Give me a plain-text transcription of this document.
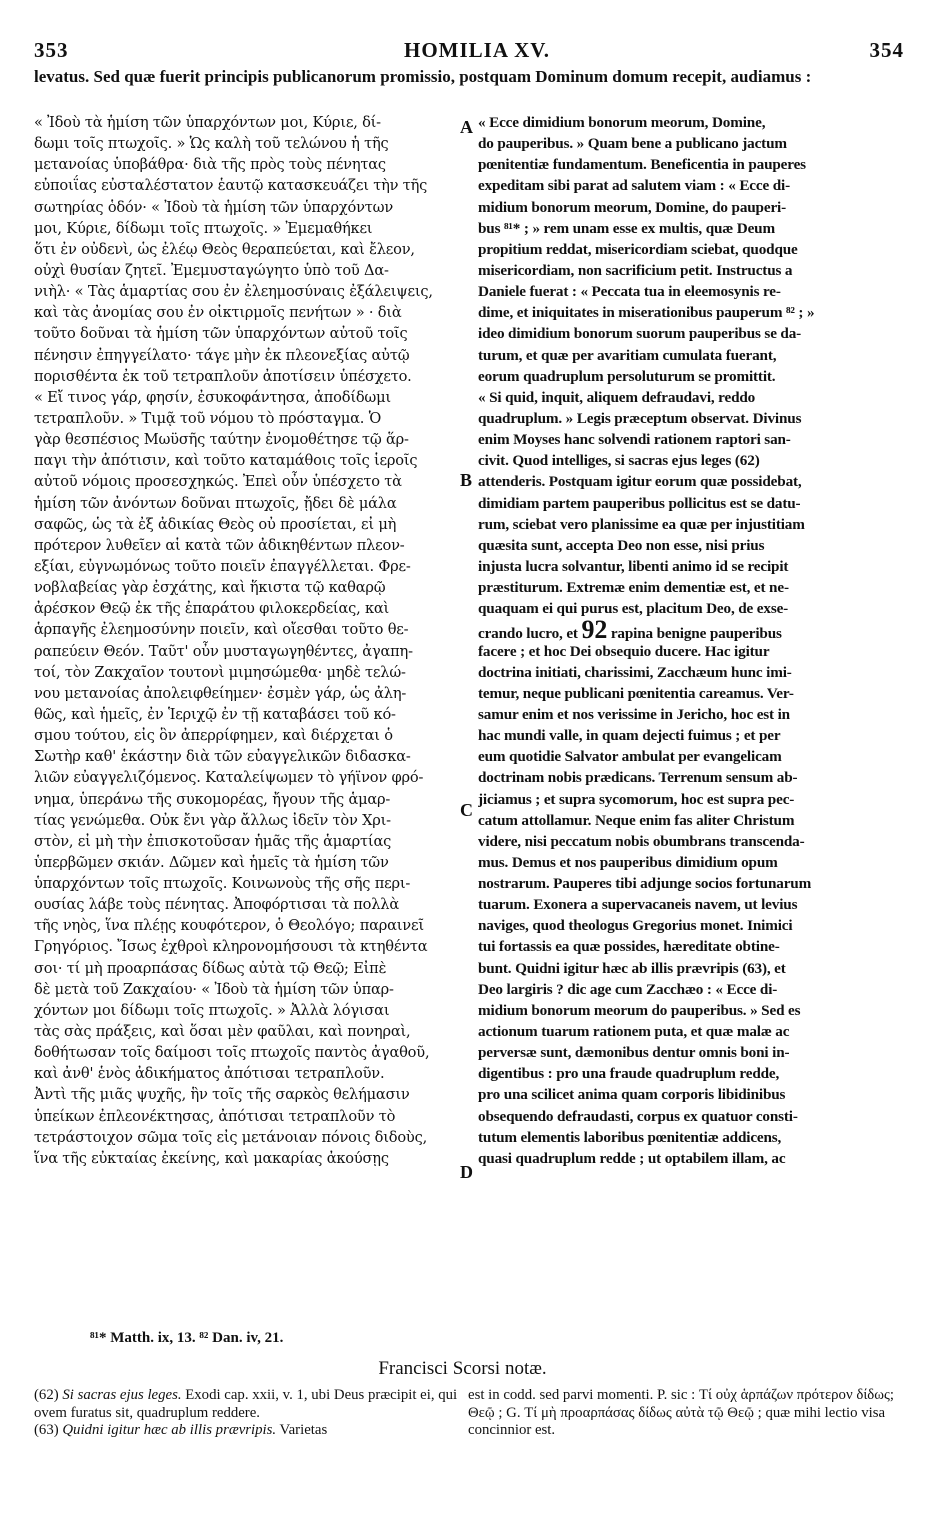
353	HOMILIA XV.	354
levatus. Sed quæ fuerit principis publicanorum promissio, postquam Dominum domum recepit, audiamus :
« Ἰδοὺ τὰ ἡμίση τῶν ὑπαρχόντων μοι, Κύριε, δί-
δωμι τοῖς πτωχοῖς. » Ὡς καλὴ τοῦ τελώνου ἡ τῆς
μετανοίας ὑποβάθρα· διὰ τῆς πρὸς τοὺς πένητας
εὐποιΐας εὐσταλέστατον ἑαυτῷ κατασκευάζει τὴν τῆς
σωτηρίας ὁδόν· « Ἰδοὺ τὰ ἡμίση τῶν ὑπαρχόντων
μοι, Κύριε, δίδωμι τοῖς πτωχοῖς. » Ἐμεμαθήκει
ὅτι ἐν οὐδενὶ, ὡς ἐλέῳ Θεὸς θεραπεύεται, καὶ ἔλεον,
οὐχὶ θυσίαν ζητεῖ. Ἐμεμυσταγώγητο ὑπὸ τοῦ Δα-
νιὴλ· « Τὰς ἁμαρτίας σου ἐν ἐλεημοσύναις ἐξάλειψεις,
καὶ τὰς ἀνομίας σου ἐν οἰκτιρμοῖς πενήτων » · διὰ
τοῦτο δοῦναι τὰ ἡμίση τῶν ὑπαρχόντων αὐτοῦ τοῖς
πένησιν ἐπηγγείλατο· τάγε μὴν ἐκ πλεονεξίας αὐτῷ
πορισθέντα ἐκ τοῦ τετραπλοῦν ἀποτίσειν ὑπέσχετο.
« Εἴ τινος γάρ, φησίν, ἐσυκοφάντησα, ἀποδίδωμι
τετραπλοῦν. » Τιμᾷ τοῦ νόμου τὸ πρόσταγμα. Ὁ
γὰρ θεσπέσιος Μωϋσῆς ταύτην ἐνομοθέτησε τῷ ἅρ-
παγι τὴν ἀπότισιν, καὶ τοῦτο καταμάθοις τοῖς ἱεροῖς
αὐτοῦ νόμοις προσεσχηκώς. Ἐπεὶ οὖν ὑπέσχετο τὰ
ἡμίση τῶν ἀνόντων δοῦναι πτωχοῖς, ᾔδει δὲ μάλα
σαφῶς, ὡς τὰ ἐξ ἀδικίας Θεὸς οὐ προσίεται, εἰ μὴ
πρότερον λυθεῖεν αἱ κατὰ τῶν ἀδικηθέντων πλεον-
εξίαι, εὐγνωμόνως τοῦτο ποιεῖν ἐπαγγέλλεται. Φρε-
νοβλαβείας γὰρ ἐσχάτης, καὶ ἥκιστα τῷ καθαρῷ
ἀρέσκον Θεῷ ἐκ τῆς ἐπαράτου φιλοκερδείας, καὶ
ἁρπαγῆς ἐλεημοσύνην ποιεῖν, καὶ οἴεσθαι τοῦτο θε-
ραπεύειν Θεόν. Ταῦτ' οὖν μυσταγωγηθέντες, ἀγαπη-
τοί, τὸν Ζακχαῖον τουτονὶ μιμησώμεθα· μηδὲ τελώ-
νου μετανοίας ἀπολειφθείημεν· ἐσμὲν γάρ, ὡς ἀλη-
θῶς, καὶ ἡμεῖς, ἐν Ἱεριχῷ ἐν τῇ καταβάσει τοῦ κό-
σμου τούτου, εἰς ὃν ἀπερρίφημεν, καὶ διέρχεται ὁ
Σωτὴρ καθ' ἑκάστην διὰ τῶν εὐαγγελικῶν διδασκα-
λιῶν εὐαγγελιζόμενος. Καταλείψωμεν τὸ γήϊνον φρό-
νημα, ὑπεράνω τῆς συκομορέας, ἤγουν τῆς ἁμαρ-
τίας γενώμεθα. Οὐκ ἔνι γὰρ ἄλλως ἰδεῖν τὸν Χρι-
στὸν, εἰ μὴ τὴν ἐπισκοτοῦσαν ἡμᾶς τῆς ἁμαρτίας
ὑπερβῶμεν σκιάν. Δῶμεν καὶ ἡμεῖς τὰ ἡμίση τῶν
ὑπαρχόντων τοῖς πτωχοῖς. Κοινωνοὺς τῆς σῆς περι-
ουσίας λάβε τοὺς πένητας. Ἀποφόρτισαι τὰ πολλὰ
τῆς νηὸς, ἵνα πλέῃς κουφότερον, ὁ Θεολόγο; παραινεῖ
Γρηγόριος. Ἴσως ἐχθροὶ κληρονομήσουσι τὰ κτηθέντα
σοι· τί μὴ προαρπάσας δίδως αὐτὰ τῷ Θεῷ; Εἰπὲ
δὲ μετὰ τοῦ Ζακχαίου· « Ἰδοὺ τὰ ἡμίση τῶν ὑπαρ-
χόντων μοι δίδωμι τοῖς πτωχοῖς. » Ἀλλὰ λόγισαι
τὰς σὰς πράξεις, καὶ ὅσαι μὲν φαῦλαι, καὶ πονηραὶ,
δοθήτωσαν τοῖς δαίμοσι τοῖς πτωχοῖς παντὸς ἀγαθοῦ,
καὶ ἀνθ' ἑνὸς ἀδικήματος ἀπότισαι τετραπλοῦν.
Ἀντὶ τῆς μιᾶς ψυχῆς, ἣν τοῖς τῆς σαρκὸς θελήμασιν
ὑπείκων ἐπλεονέκτησας, ἀπότισαι τετραπλοῦν τὸ
τετράστοιχον σῶμα τοῖς εἰς μετάνοιαν πόνοις διδοὺς,
ἵνα τῆς εὐκταίας ἐκείνης, καὶ μακαρίας ἀκούσῃς
« Ecce dimidium bonorum meorum, Domine,
do pauperibus. » Quam bene a publicano jactum
pœnitentiæ fundamentum. Beneficentia in pauperes
expeditam sibi parat ad salutem viam : « Ecce di-
midium bonorum meorum, Domine, do pauperi-
bus ⁸¹* ; » rem unam esse ex multis, quæ Deum
propitium reddat, misericordiam sciebat, quodque
misericordiam, non sacrificium petit. Instructus a
Daniele fuerat : « Peccata tua in eleemosynis re-
dime, et iniquitates in miserationibus pauperum ⁸² ; »
ideo dimidium bonorum suorum pauperibus se da-
turum, et quæ per avaritiam cumulata fuerant,
eorum quadruplum persoluturum se promittit.
« Si quid, inquit, aliquem defraudavi, reddo
quadruplum. » Legis præceptum observat. Divinus
enim Moyses hanc solvendi rationem raptori san-
civit. Quod intelliges, si sacras ejus leges (62)
attenderis. Postquam igitur eorum quæ possidebat,
dimidiam partem pauperibus pollicitus est se datu-
rum, sciebat vero planissime ea quæ per injustitiam
quæsita sunt, accepta Deo non esse, nisi prius
injusta lucra solvantur, libenti animo id se recipit
præstiturum. Extremæ enim dementiæ est, et ne-
quaquam ei qui purus est, placitum Deo, de exse-
crando lucro, et 92 rapina benigne pauperibus
facere ; et hoc Dei obsequio ducere. Hac igitur
doctrina initiati, charissimi, Zacchæum hunc imi-
temur, neque publicani pœnitentia careamus. Ver-
samur enim et nos verissime in Jericho, hoc est in
hac mundi valle, in quam dejecti fuimus ; et per
eum quotidie Salvator ambulat per evangelicam
doctrinam nobis prædicans. Terrenum sensum ab-
jiciamus ; et supra sycomorum, hoc est supra pec-
catum attollamur. Neque enim fas aliter Christum
videre, nisi peccatum nobis obumbrans transcenda-
mus. Demus et nos pauperibus dimidium opum
nostrarum. Pauperes tibi adjunge socios fortunarum
tuarum. Exonera a supervacaneis navem, ut levius
naviges, quod theologus Gregorius monet. Inimici
tui fortassis ea quæ possides, hæreditate obtine-
bunt. Quidni igitur hæc ab illis prævripis (63), et
Deo largiris ? dic age cum Zacchæo : « Ecce di-
midium bonorum meorum do pauperibus. » Sed es
actionum tuarum rationem puta, et quæ malæ ac
perversæ sunt, dæmonibus dentur omnis boni in-
digentibus : pro una fraude quadruplum redde,
pro una scilicet anima quam corporis libidinibus
obsequendo defraudasti, corpus ex quatuor consti-
tutum elementis laboribus pœnitentiæ addicens,
quasi quadruplum redde ; ut optabilem illam, ac
A
B
C
D
⁸¹* Matth. ix, 13. ⁸² Dan. iv, 21.
Francisci Scorsi notæ.
(62) Si sacras ejus leges. Exodi cap. xxii, v. 1, ubi Deus præcipit ei, qui ovem furatus sit, quadruplum reddere.
(63) Quidni igitur hæc ab illis prævripis. Varietas
est in codd. sed parvi momenti. P. sic : Τί οὐχ ἁρπάζων πρότερον δίδως; Θεῷ ; G. Τί μὴ προαρπάσας δίδως αὐτὰ τῷ Θεῷ ; quæ mihi lectio visa concinnior est.
